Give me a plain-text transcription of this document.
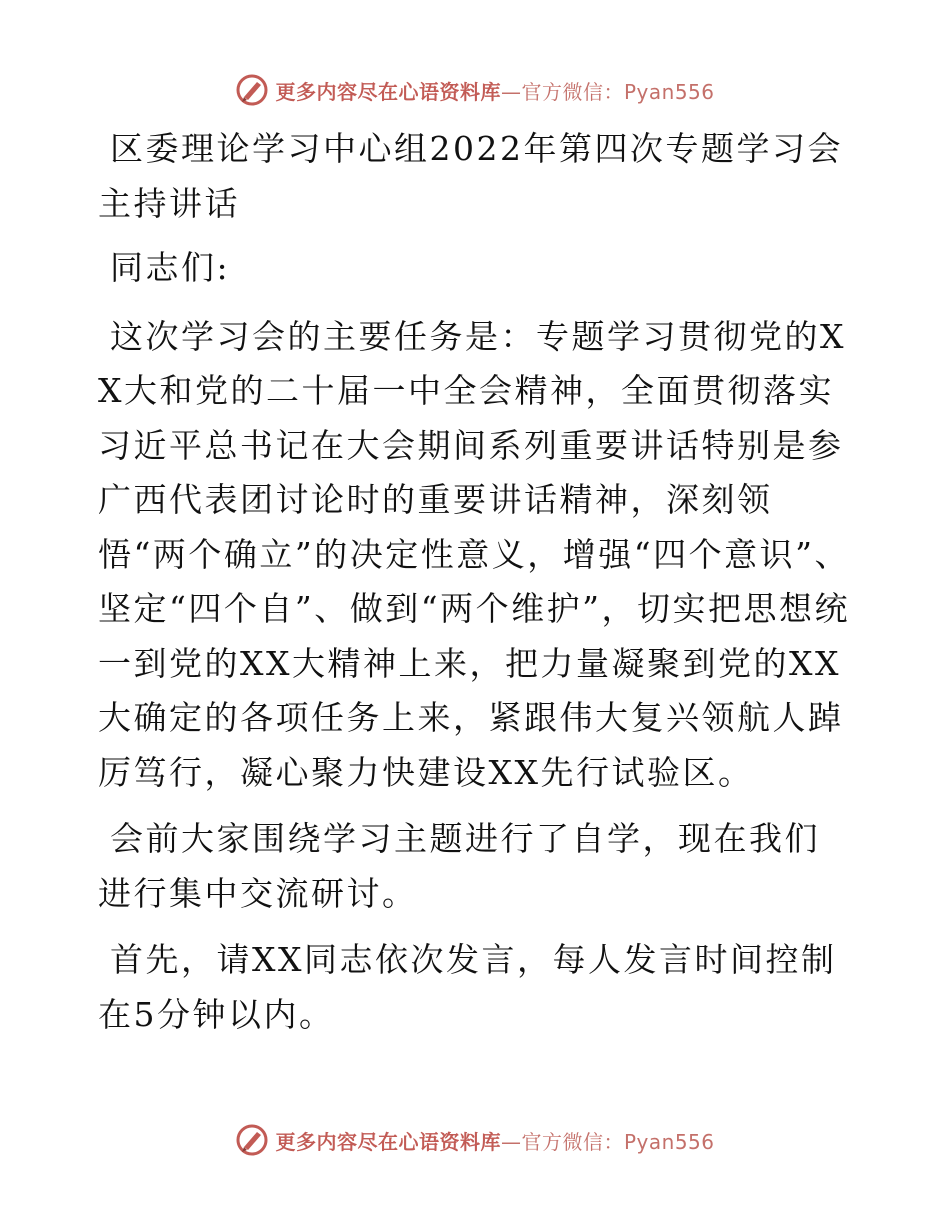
更多内容尽在心语资料库—官方微信：Pyan556

区委理论学习中心组2022年第四次专题学习会主持讲话

同志们:

这次学习会的主要任务是：专题学习贯彻党的XX大和党的二十届一中全会精神，全面贯彻落实习近平总书记在大会期间系列重要讲话特别是参广西代表团讨论时的重要讲话精神，深刻领悟“两个确立”的决定性意义，增强“四个意识”、坚定“四个自”、做到“两个维护”，切实把思想统一到党的XX大精神上来，把力量凝聚到党的XX大确定的各项任务上来，紧跟伟大复兴领航人踔厉笃行，凝心聚力快建设XX先行试验区。

会前大家围绕学习主题进行了自学，现在我们进行集中交流研讨。

首先，请XX同志依次发言，每人发言时间控制在5分钟以内。

更多内容尽在心语资料库—官方微信：Pyan556
